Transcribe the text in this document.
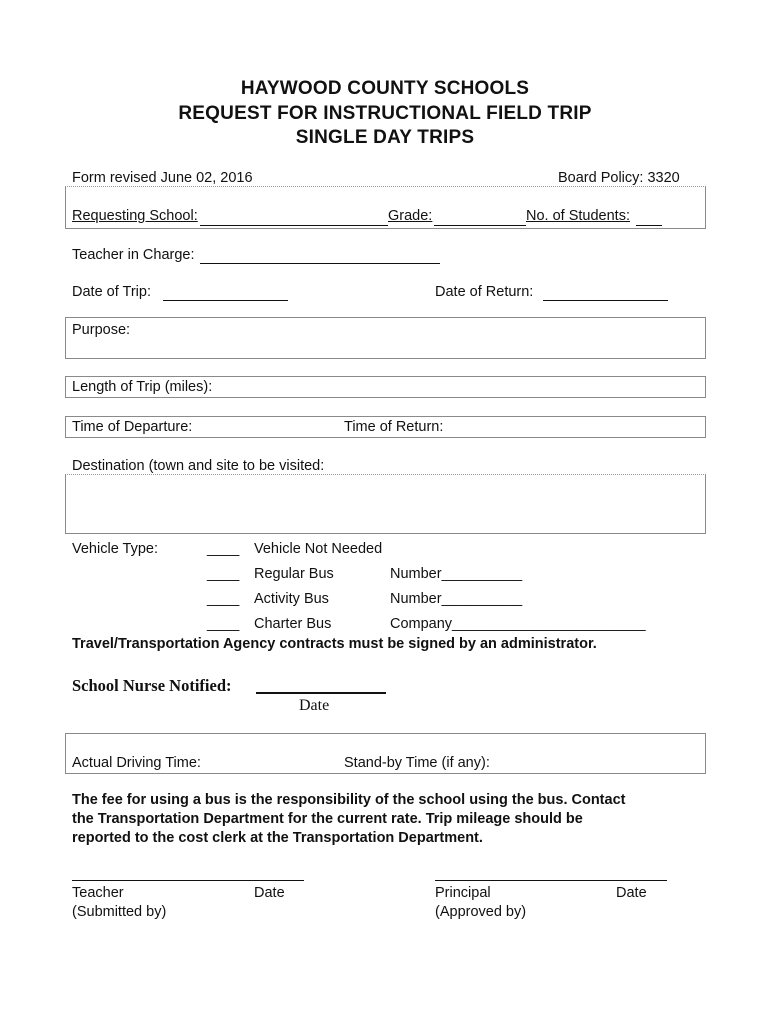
HAYWOOD COUNTY SCHOOLS
REQUEST FOR INSTRUCTIONAL FIELD TRIP
SINGLE DAY TRIPS
Form revised June 02, 2016	Board Policy: 3320
Requesting School:	Grade:	No. of Students:
Teacher in Charge:
Date of Trip:	Date of Return:
Purpose:
Length of Trip (miles):
Time of Departure:	Time of Return:
Destination (town and site to be visited:
Vehicle Type:	____ Vehicle Not Needed
____ Regular Bus	Number__________
____ Activity Bus	Number__________
____ Charter Bus	Company________________________
Travel/Transportation Agency contracts must be signed by an administrator.
School Nurse Notified:
Date
Actual Driving Time:	Stand-by Time (if any):
The fee for using a bus is the responsibility of the school using the bus. Contact
the Transportation Department for the current rate. Trip mileage should be
reported to the cost clerk at the Transportation Department.
Teacher	Date
(Submitted by)
Principal	Date
(Approved by)
